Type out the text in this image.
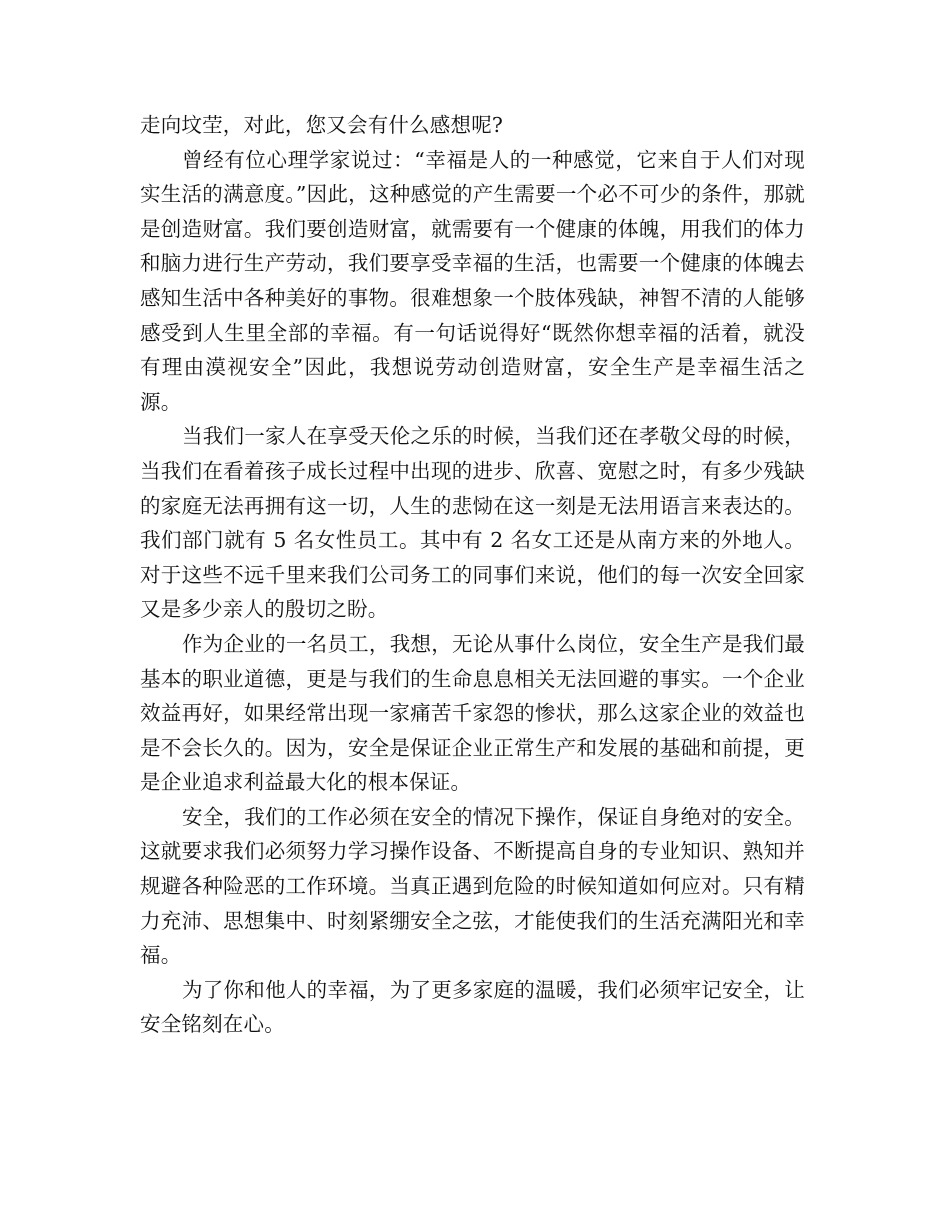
走向坟茔，对此，您又会有什么感想呢?

曾经有位心理学家说过：“幸福是人的一种感觉，它来自于人们对现实生活的满意度。”因此，这种感觉的产生需要一个必不可少的条件，那就是创造财富。我们要创造财富，就需要有一个健康的体魄，用我们的体力和脑力进行生产劳动，我们要享受幸福的生活，也需要一个健康的体魄去感知生活中各种美好的事物。很难想象一个肢体残缺，神智不清的人能够感受到人生里全部的幸福。有一句话说得好“既然你想幸福的活着，就没有理由漠视安全”因此，我想说劳动创造财富，安全生产是幸福生活之源。

当我们一家人在享受天伦之乐的时候，当我们还在孝敬父母的时候，当我们在看着孩子成长过程中出现的进步、欣喜、宽慰之时，有多少残缺的家庭无法再拥有这一切，人生的悲恸在这一刻是无法用语言来表达的。我们部门就有 5 名女性员工。其中有 2 名女工还是从南方来的外地人。对于这些不远千里来我们公司务工的同事们来说，他们的每一次安全回家又是多少亲人的殷切之盼。

作为企业的一名员工，我想，无论从事什么岗位，安全生产是我们最基本的职业道德，更是与我们的生命息息相关无法回避的事实。一个企业效益再好，如果经常出现一家痛苦千家怨的惨状，那么这家企业的效益也是不会长久的。因为，安全是保证企业正常生产和发展的基础和前提，更是企业追求利益最大化的根本保证。

安全，我们的工作必须在安全的情况下操作，保证自身绝对的安全。这就要求我们必须努力学习操作设备、不断提高自身的专业知识、熟知并规避各种险恶的工作环境。当真正遇到危险的时候知道如何应对。只有精力充沛、思想集中、时刻紧绷安全之弦，才能使我们的生活充满阳光和幸福。

为了你和他人的幸福，为了更多家庭的温暖，我们必须牢记安全，让安全铭刻在心。
